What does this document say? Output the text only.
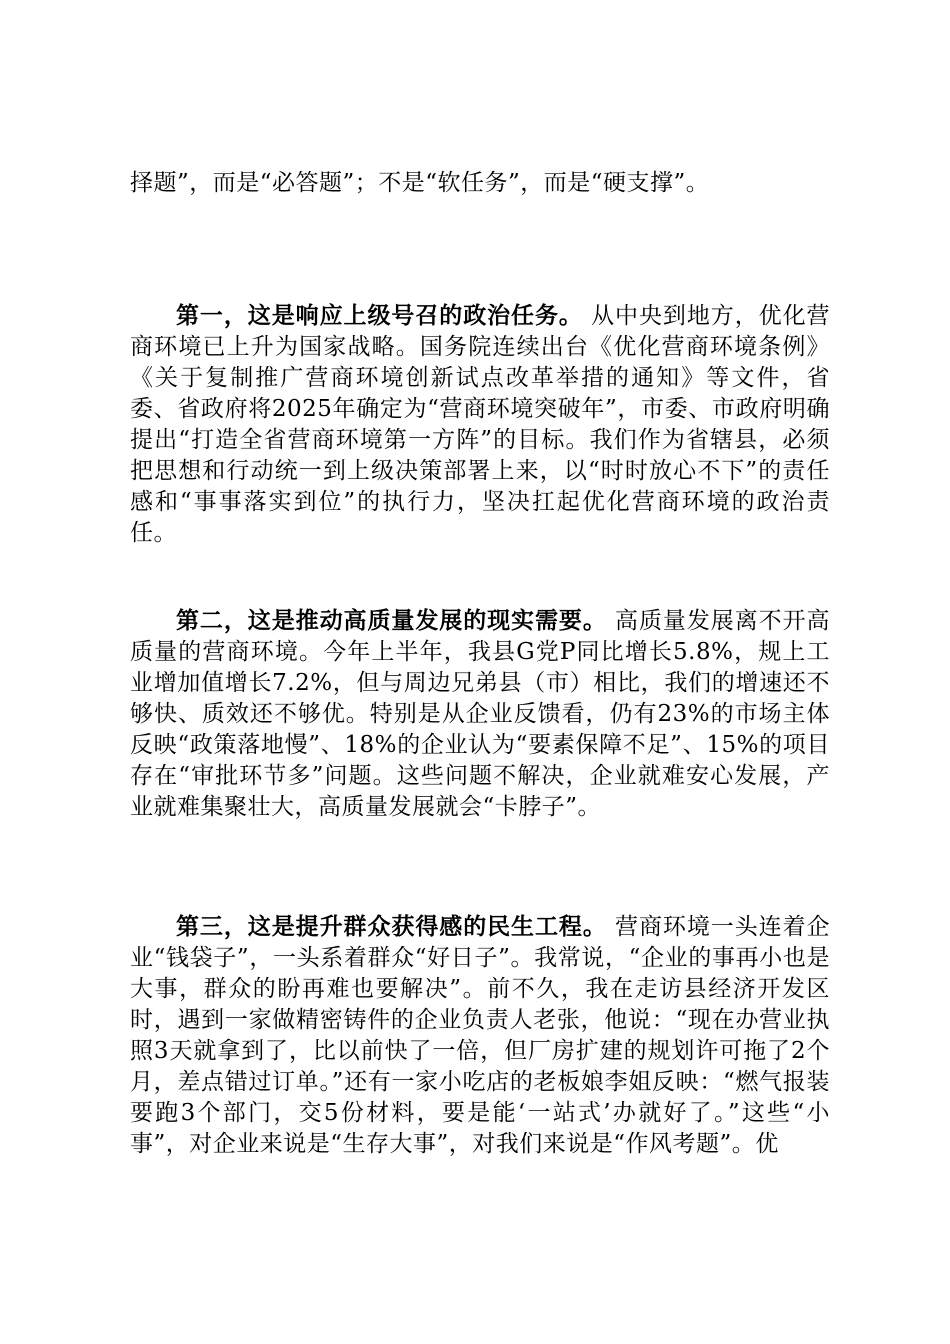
择题”，而是“必答题”；不是“软任务”，而是“硬支撑”。

第一，这是响应上级号召的政治任务。 从中央到地方，优化营商环境已上升为国家战略。国务院连续出台《优化营商环境条例》《关于复制推广营商环境创新试点改革举措的通知》等文件，省委、省政府将2025年确定为“营商环境突破年”，市委、市政府明确提出“打造全省营商环境第一方阵”的目标。我们作为省辖县，必须把思想和行动统一到上级决策部署上来，以“时时放心不下”的责任感和“事事落实到位”的执行力，坚决扛起优化营商环境的政治责任。

第二，这是推动高质量发展的现实需要。 高质量发展离不开高质量的营商环境。今年上半年，我县G党P同比增长5.8%，规上工业增加值增长7.2%，但与周边兄弟县（市）相比，我们的增速还不够快、质效还不够优。特别是从企业反馈看，仍有23%的市场主体反映“政策落地慢”、18%的企业认为“要素保障不足”、15%的项目存在“审批环节多”问题。这些问题不解决，企业就难安心发展，产业就难集聚壮大，高质量发展就会“卡脖子”。

第三，这是提升群众获得感的民生工程。 营商环境一头连着企业“钱袋子”，一头系着群众“好日子”。我常说，“企业的事再小也是大事，群众的盼再难也要解决”。前不久，我在走访县经济开发区时，遇到一家做精密铸件的企业负责人老张，他说：“现在办营业执照3天就拿到了，比以前快了一倍，但厂房扩建的规划许可拖了2个月，差点错过订单。”还有一家小吃店的老板娘李姐反映：“燃气报装要跑3个部门，交5份材料，要是能‘一站式’办就好了。”这些“小事”，对企业来说是“生存大事”，对我们来说是“作风考题”。优
